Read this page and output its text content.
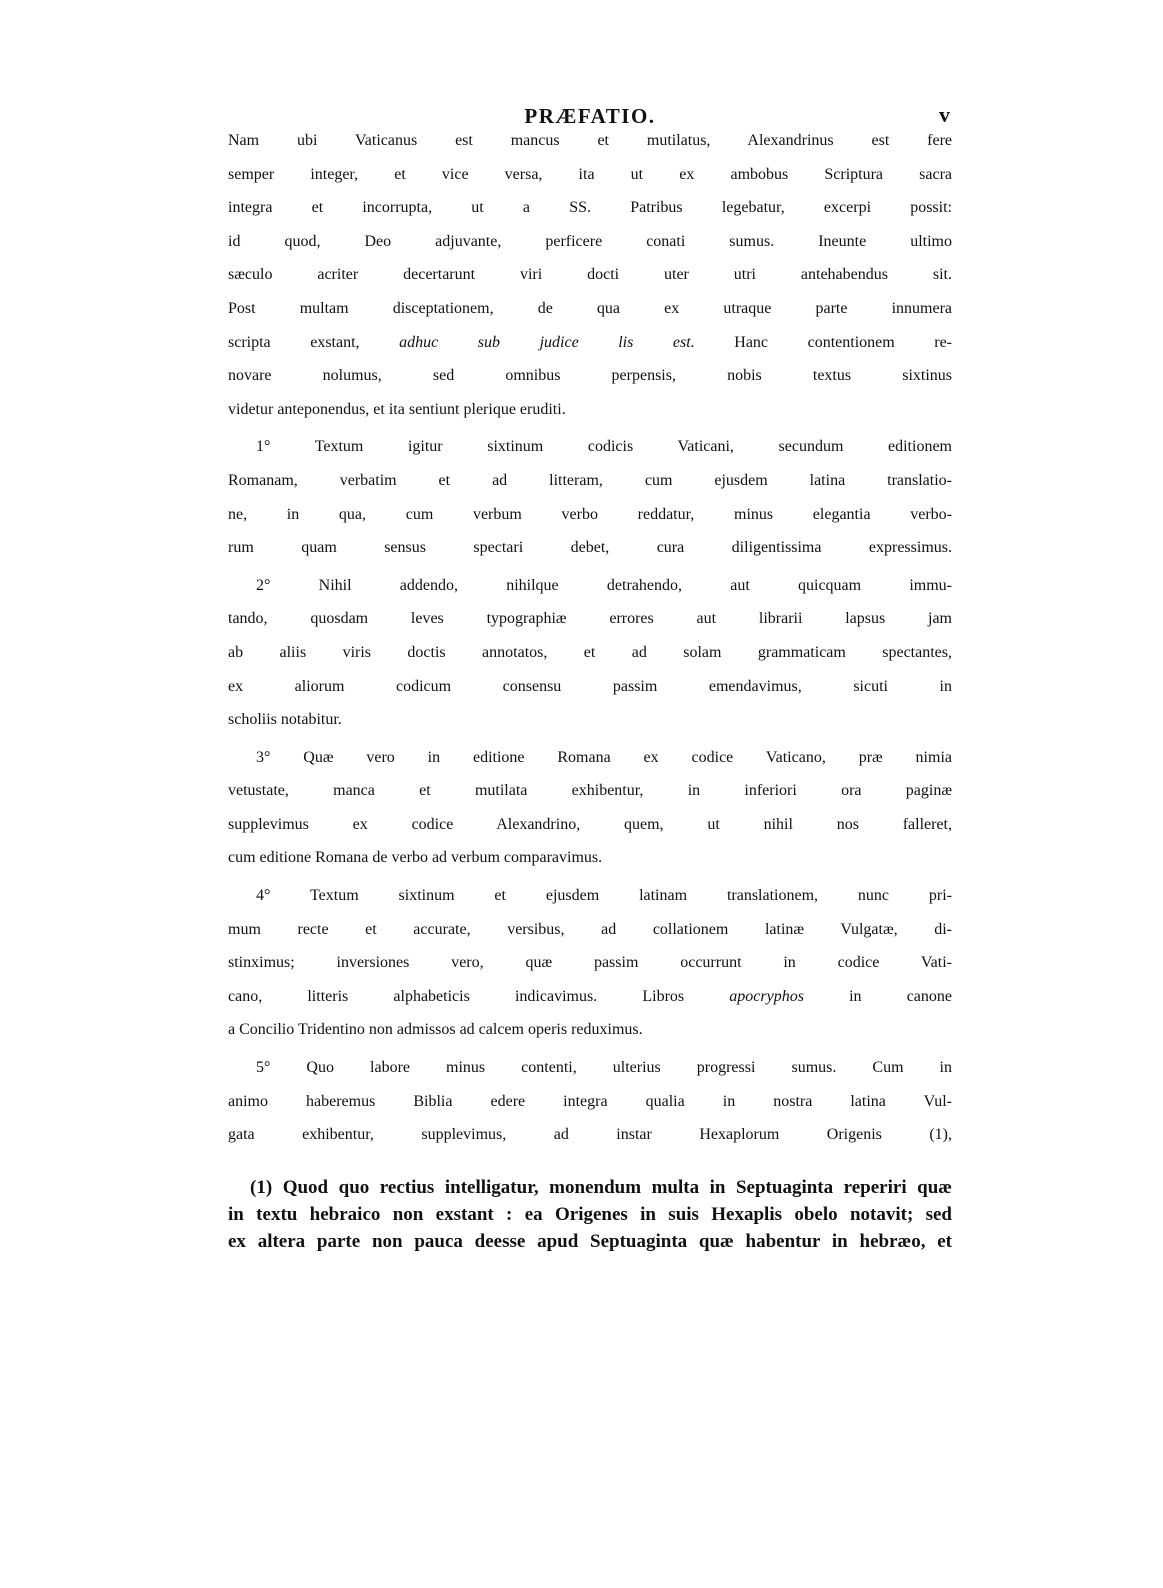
PRÆFATIO.	v
Nam ubi Vaticanus est mancus et mutilatus, Alexandrinus est fere
semper integer, et vice versa, ita ut ex ambobus Scriptura sacra
integra et incorrupta, ut a SS. Patribus legebatur, excerpi possit:
id quod, Deo adjuvante, perficere conati sumus. Ineunte ultimo
sæculo acriter decertarunt viri docti uter utri antehabendus sit.
Post multam disceptationem, de qua ex utraque parte innumera
scripta exstant, adhuc sub judice lis est. Hanc contentionem re-
novare nolumus, sed omnibus perpensis, nobis textus sixtinus
videtur anteponendus, et ita sentiunt plerique eruditi.
1° Textum igitur sixtinum codicis Vaticani, secundum editionem
Romanam, verbatim et ad litteram, cum ejusdem latina translatio-
ne, in qua, cum verbum verbo reddatur, minus elegantia verbo-
rum quam sensus spectari debet, cura diligentissima expressimus.
2° Nihil addendo, nihilque detrahendo, aut quicquam immu-
tando, quosdam leves typographiæ errores aut librarii lapsus jam
ab aliis viris doctis annotatos, et ad solam grammaticam spectantes,
ex aliorum codicum consensu passim emendavimus, sicuti in
scholiis notabitur.
3° Quæ vero in editione Romana ex codice Vaticano, præ nimia
vetustate, manca et mutilata exhibentur, in inferiori ora paginæ
supplevimus ex codice Alexandrino, quem, ut nihil nos falleret,
cum editione Romana de verbo ad verbum comparavimus.
4° Textum sixtinum et ejusdem latinam translationem, nunc pri-
mum recte et accurate, versibus, ad collationem latinæ Vulgatæ, di-
stinximus; inversiones vero, quæ passim occurrunt in codice Vati-
cano, litteris alphabeticis indicavimus. Libros apocryphos in canone
a Concilio Tridentino non admissos ad calcem operis reduximus.
5° Quo labore minus contenti, ulterius progressi sumus. Cum in
animo haberemus Biblia edere integra qualia in nostra latina Vul-
gata exhibentur, supplevimus, ad instar Hexaplorum Origenis (1),
(1) Quod quo rectius intelligatur, monendum multa in Septuaginta reperiri quæ
in textu hebraico non exstant : ea Origenes in suis Hexaplis obelo notavit; sed
ex altera parte non pauca deesse apud Septuaginta quæ habentur in hebræo, et
